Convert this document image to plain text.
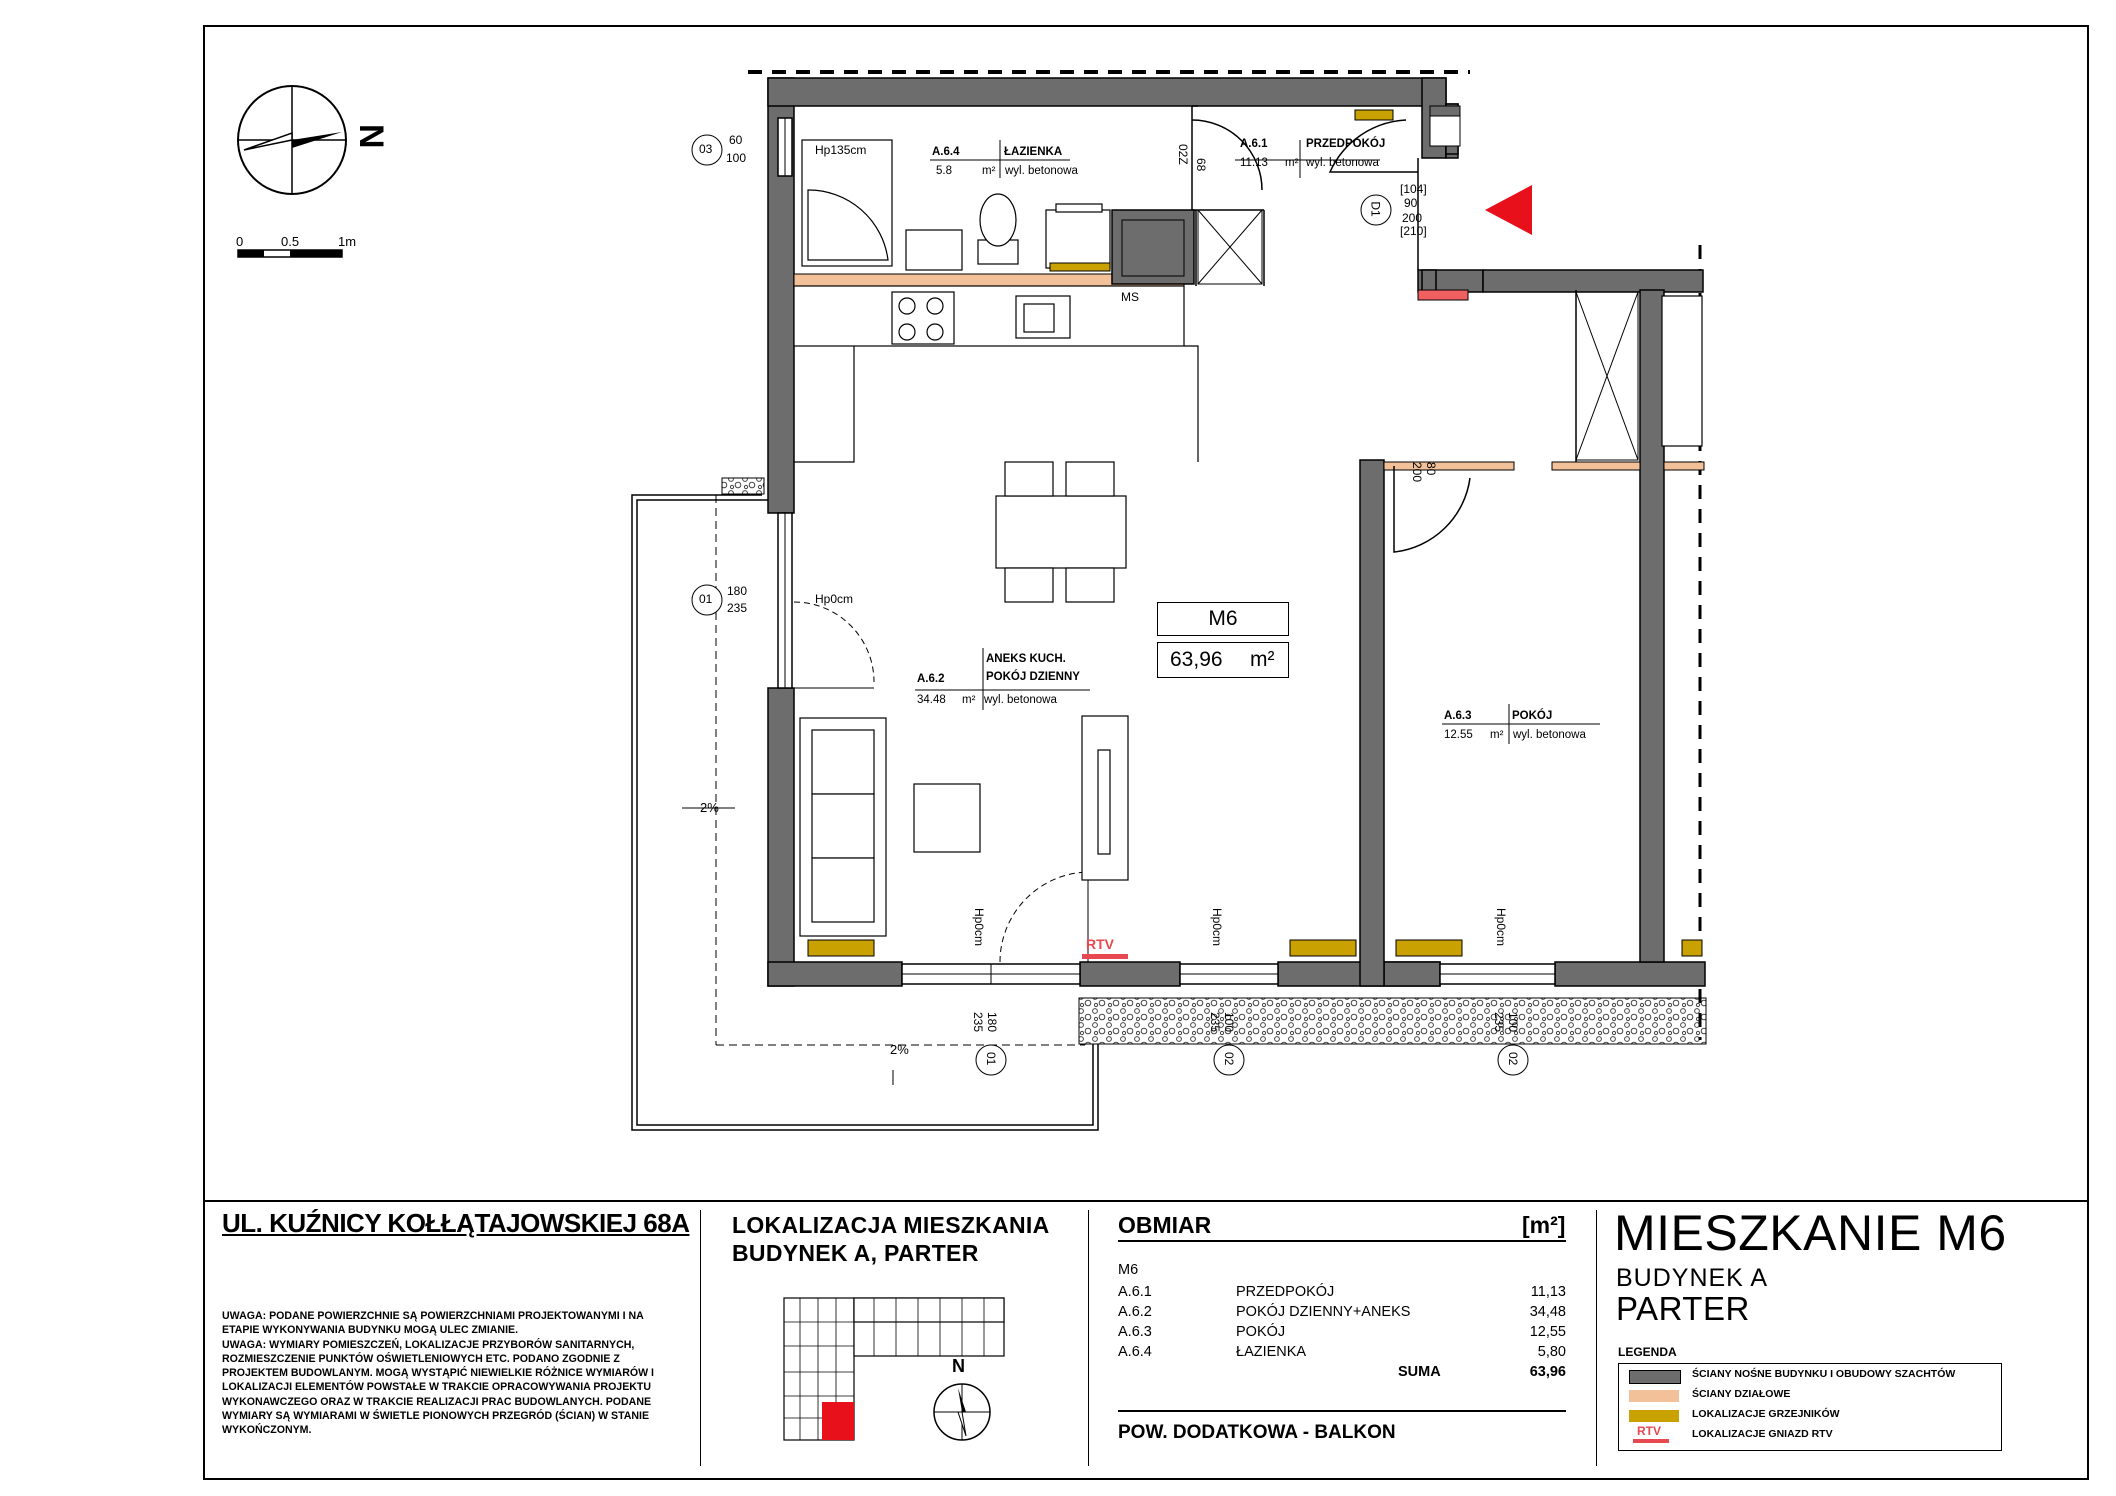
N
0	0.5	1m
2%
2%
RTV
A.6.4	ŁAZIENKA
5.8	m² wyl. betonowa
A.6.1	PRZEDPOKÓJ
11.13 m² wyl. betonowa
A.6.2
ANEKS KUCH.
POKÓJ DZIENNY
34.48 m² wyl. betonowa
A.6.3	POKÓJ
12.55 m² wyl. betonowa
M6
63,96 m²
03
60
100
Hp135cm
01
180
235
Hp0cm
02Z 68
D1
[104]
90
200
[210]
80
200
01
180
235
Hp0cm
02
100
235
Hp0cm
02
100
235
Hp0cm
MS
UL. KUŹNICY KOŁŁĄTAJOWSKIEJ 68A

UWAGA: PODANE POWIERZCHNIE SĄ POWIERZCHNIAMI PROJEKTOWANYMI I NA ETAPIE WYKONYWANIA BUDYNKU MOGĄ ULEC ZMIANIE.

UWAGA: WYMIARY POMIESZCZEŃ, LOKALIZACJE PRZYBORÓW SANITARNYCH, ROZMIESZCZENIE PUNKTÓW OŚWIETLENIOWYCH ETC. PODANO ZGODNIE Z PROJEKTEM BUDOWLANYM. MOGĄ WYSTĄPIĆ NIEWIELKIE RÓŻNICE WYMIARÓW I LOKALIZACJI ELEMENTÓW POWSTAŁE W TRAKCIE OPRACOWYWANIA PROJEKTU WYKONAWCZEGO ORAZ W TRAKCIE REALIZACJI PRAC BUDOWLANYCH. PODANE WYMIARY SĄ WYMIARAMI W ŚWIETLE PIONOWYCH PRZEGRÓD (ŚCIAN) W STANIE WYKOŃCZONYM.

LOKALIZACJA MIESZKANIA
BUDYNEK A, PARTER
N
OBMIAR	[m²]
M6
A.6.1	PRZEDPOKÓJ	11,13
A.6.2	POKÓJ DZIENNY+ANEKS	34,48
A.6.3	POKÓJ	12,55
A.6.4	ŁAZIENKA	5,80
	SUMA	63,96
POW. DODATKOWA - BALKON
MIESZKANIE M6
BUDYNEK A
PARTER
LEGENDA
ŚCIANY NOŚNE BUDYNKU I OBUDOWY SZACHTÓW
ŚCIANY DZIAŁOWE
LOKALIZACJE GRZEJNIKÓW
RTV	LOKALIZACJE GNIAZD RTV
